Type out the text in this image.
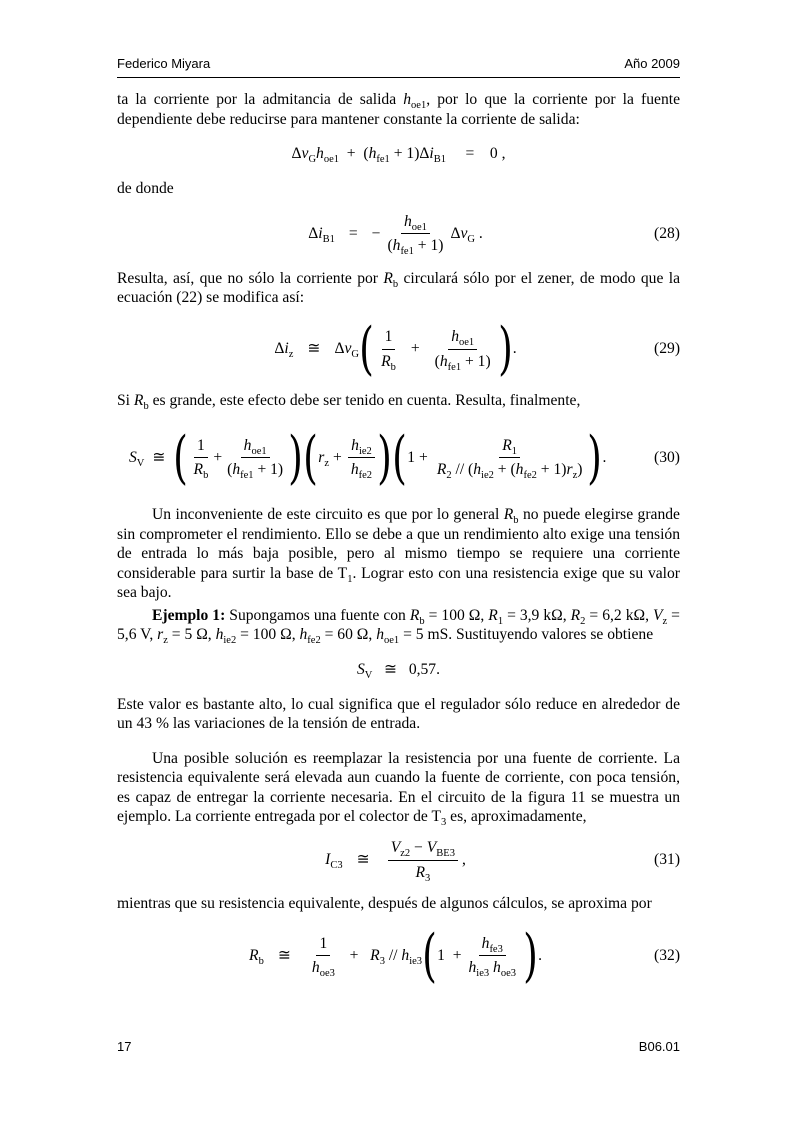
Federico Miyara	Año 2009

ta la corriente por la admitancia de salida $h_{oe1}$, por lo que la corriente por la fuente dependiente debe reducirse para mantener constante la corriente de salida:

$\Delta v_Gh_{oe1} + (h_{fe1} + 1)\Delta i_{B1}$     =    0 ,

de donde

$\Delta i_{B1}$ = − $\frac{h_{oe1}}{(h_{fe1} + 1)} \Delta v_G$ .	(28)

Resulta, así, que no sólo la corriente por $R_b$ circulará sólo por el zener, de modo que la ecuación (22) se modifica así:

$\Delta i_z$ ≅ $\Delta v_G$ ( $\frac{1}{R_b} + \frac{h_{oe1}}{(h_{fe1} + 1)}$ ) .	(29)

Si $R_b$ es grande, este efecto debe ser tenido en cuenta. Resulta, finalmente,

$S_V$ ≅ ( $\frac{1}{R_b} + \frac{h_{oe1}}{(h_{fe1} + 1)}$ ) ( $r_z + \frac{h_{ie2}}{h_{fe2}}$ ) ( $1 + \frac{R_1}{R_2 // (h_{ie2} + (h_{fe2} + 1)r_z)}$ ) .	(30)

Un inconveniente de este circuito es que por lo general $R_b$ no puede elegirse grande sin comprometer el rendimiento. Ello se debe a que un rendimiento alto exige una tensión de entrada lo más baja posible, pero al mismo tiempo se requiere una corriente considerable para surtir la base de $T_1$. Lograr esto con una resistencia exige que su valor sea bajo.

Ejemplo 1: Supongamos una fuente con $R_b = 100$ Ω, $R_1 = 3,9$ kΩ, $R_2 = 6,2$ kΩ, $V_z = 5,6$ V, $r_z = 5$ Ω, $h_{ie2} = 100$ Ω, $h_{fe2} = 60$ Ω, $h_{oe1} = 5$ mS. Sustituyendo valores se obtiene

$S_V$   ≅   0,57.

Este valor es bastante alto, lo cual significa que el regulador sólo reduce en alrededor de un 43 % las variaciones de la tensión de entrada.

Una posible solución es reemplazar la resistencia por una fuente de corriente. La resistencia equivalente será elevada aun cuando la fuente de corriente, con poca tensión, es capaz de entregar la corriente necesaria. En el circuito de la figura 11 se muestra un ejemplo. La corriente entregada por el colector de $T_3$ es, aproximadamente,

$I_{C3}$ ≅ $\frac{V_{z2} - V_{BE3}}{R_3}$ ,	(31)

mientras que su resistencia equivalente, después de algunos cálculos, se aproxima por

$R_b$ ≅ $\frac{1}{h_{oe3}} + R_3 // h_{ie3}$ ( $1 + \frac{h_{fe3}}{h_{ie3} h_{oe3}}$ ) .	(32)
17	B06.01
